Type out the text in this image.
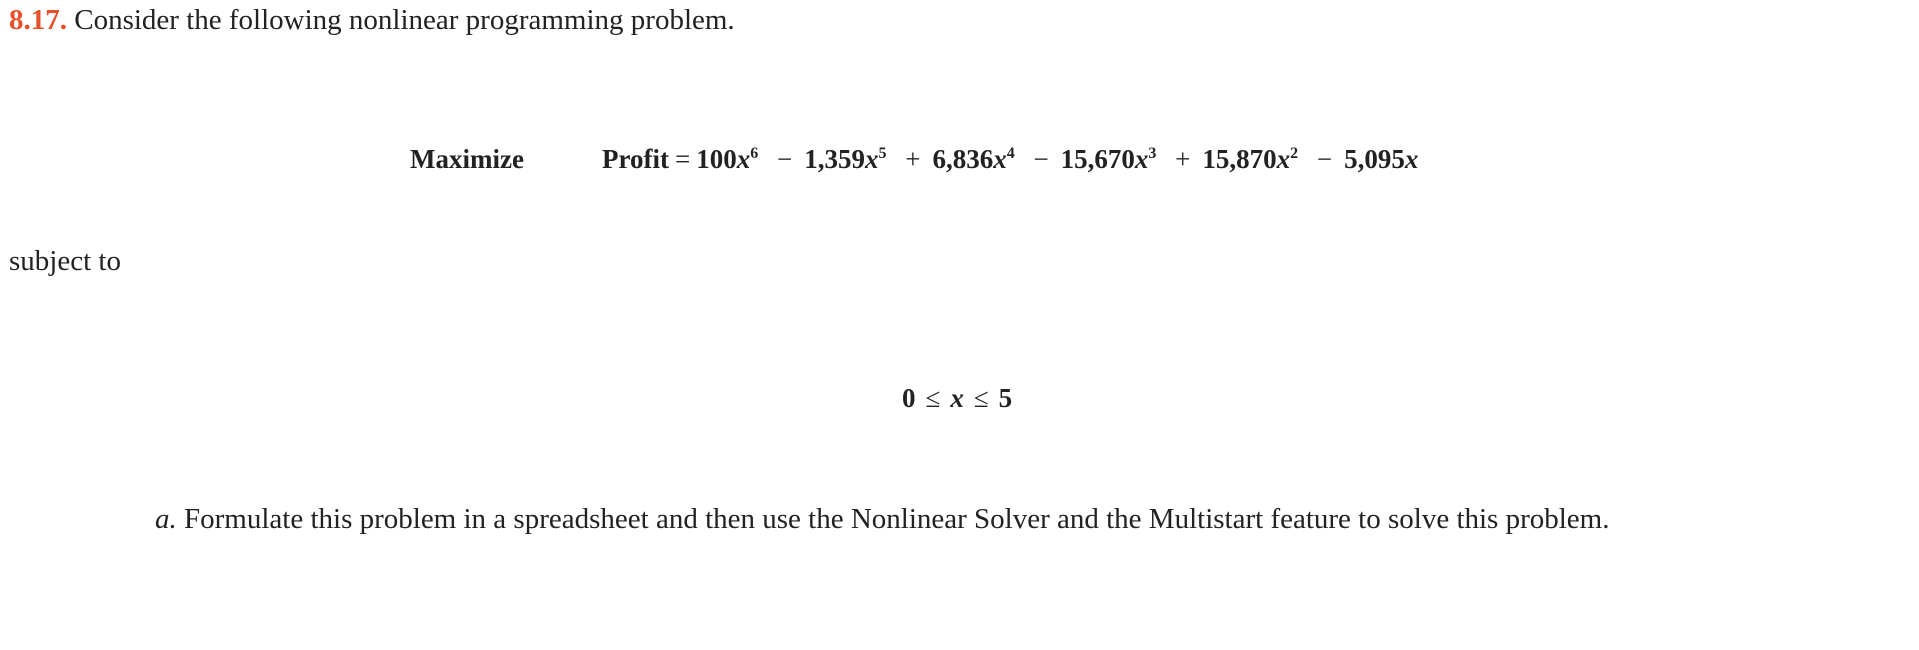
8.17. Consider the following nonlinear programming problem.
Maximize	Profit = $100x^6 - 1,359x^5 + 6,836x^4 - 15,670x^3 + 15,870x^2 - 5,095x$
subject to
0 ≤ x ≤ 5
a. Formulate this problem in a spreadsheet and then use the Nonlinear Solver and the Multistart feature to solve this problem.
